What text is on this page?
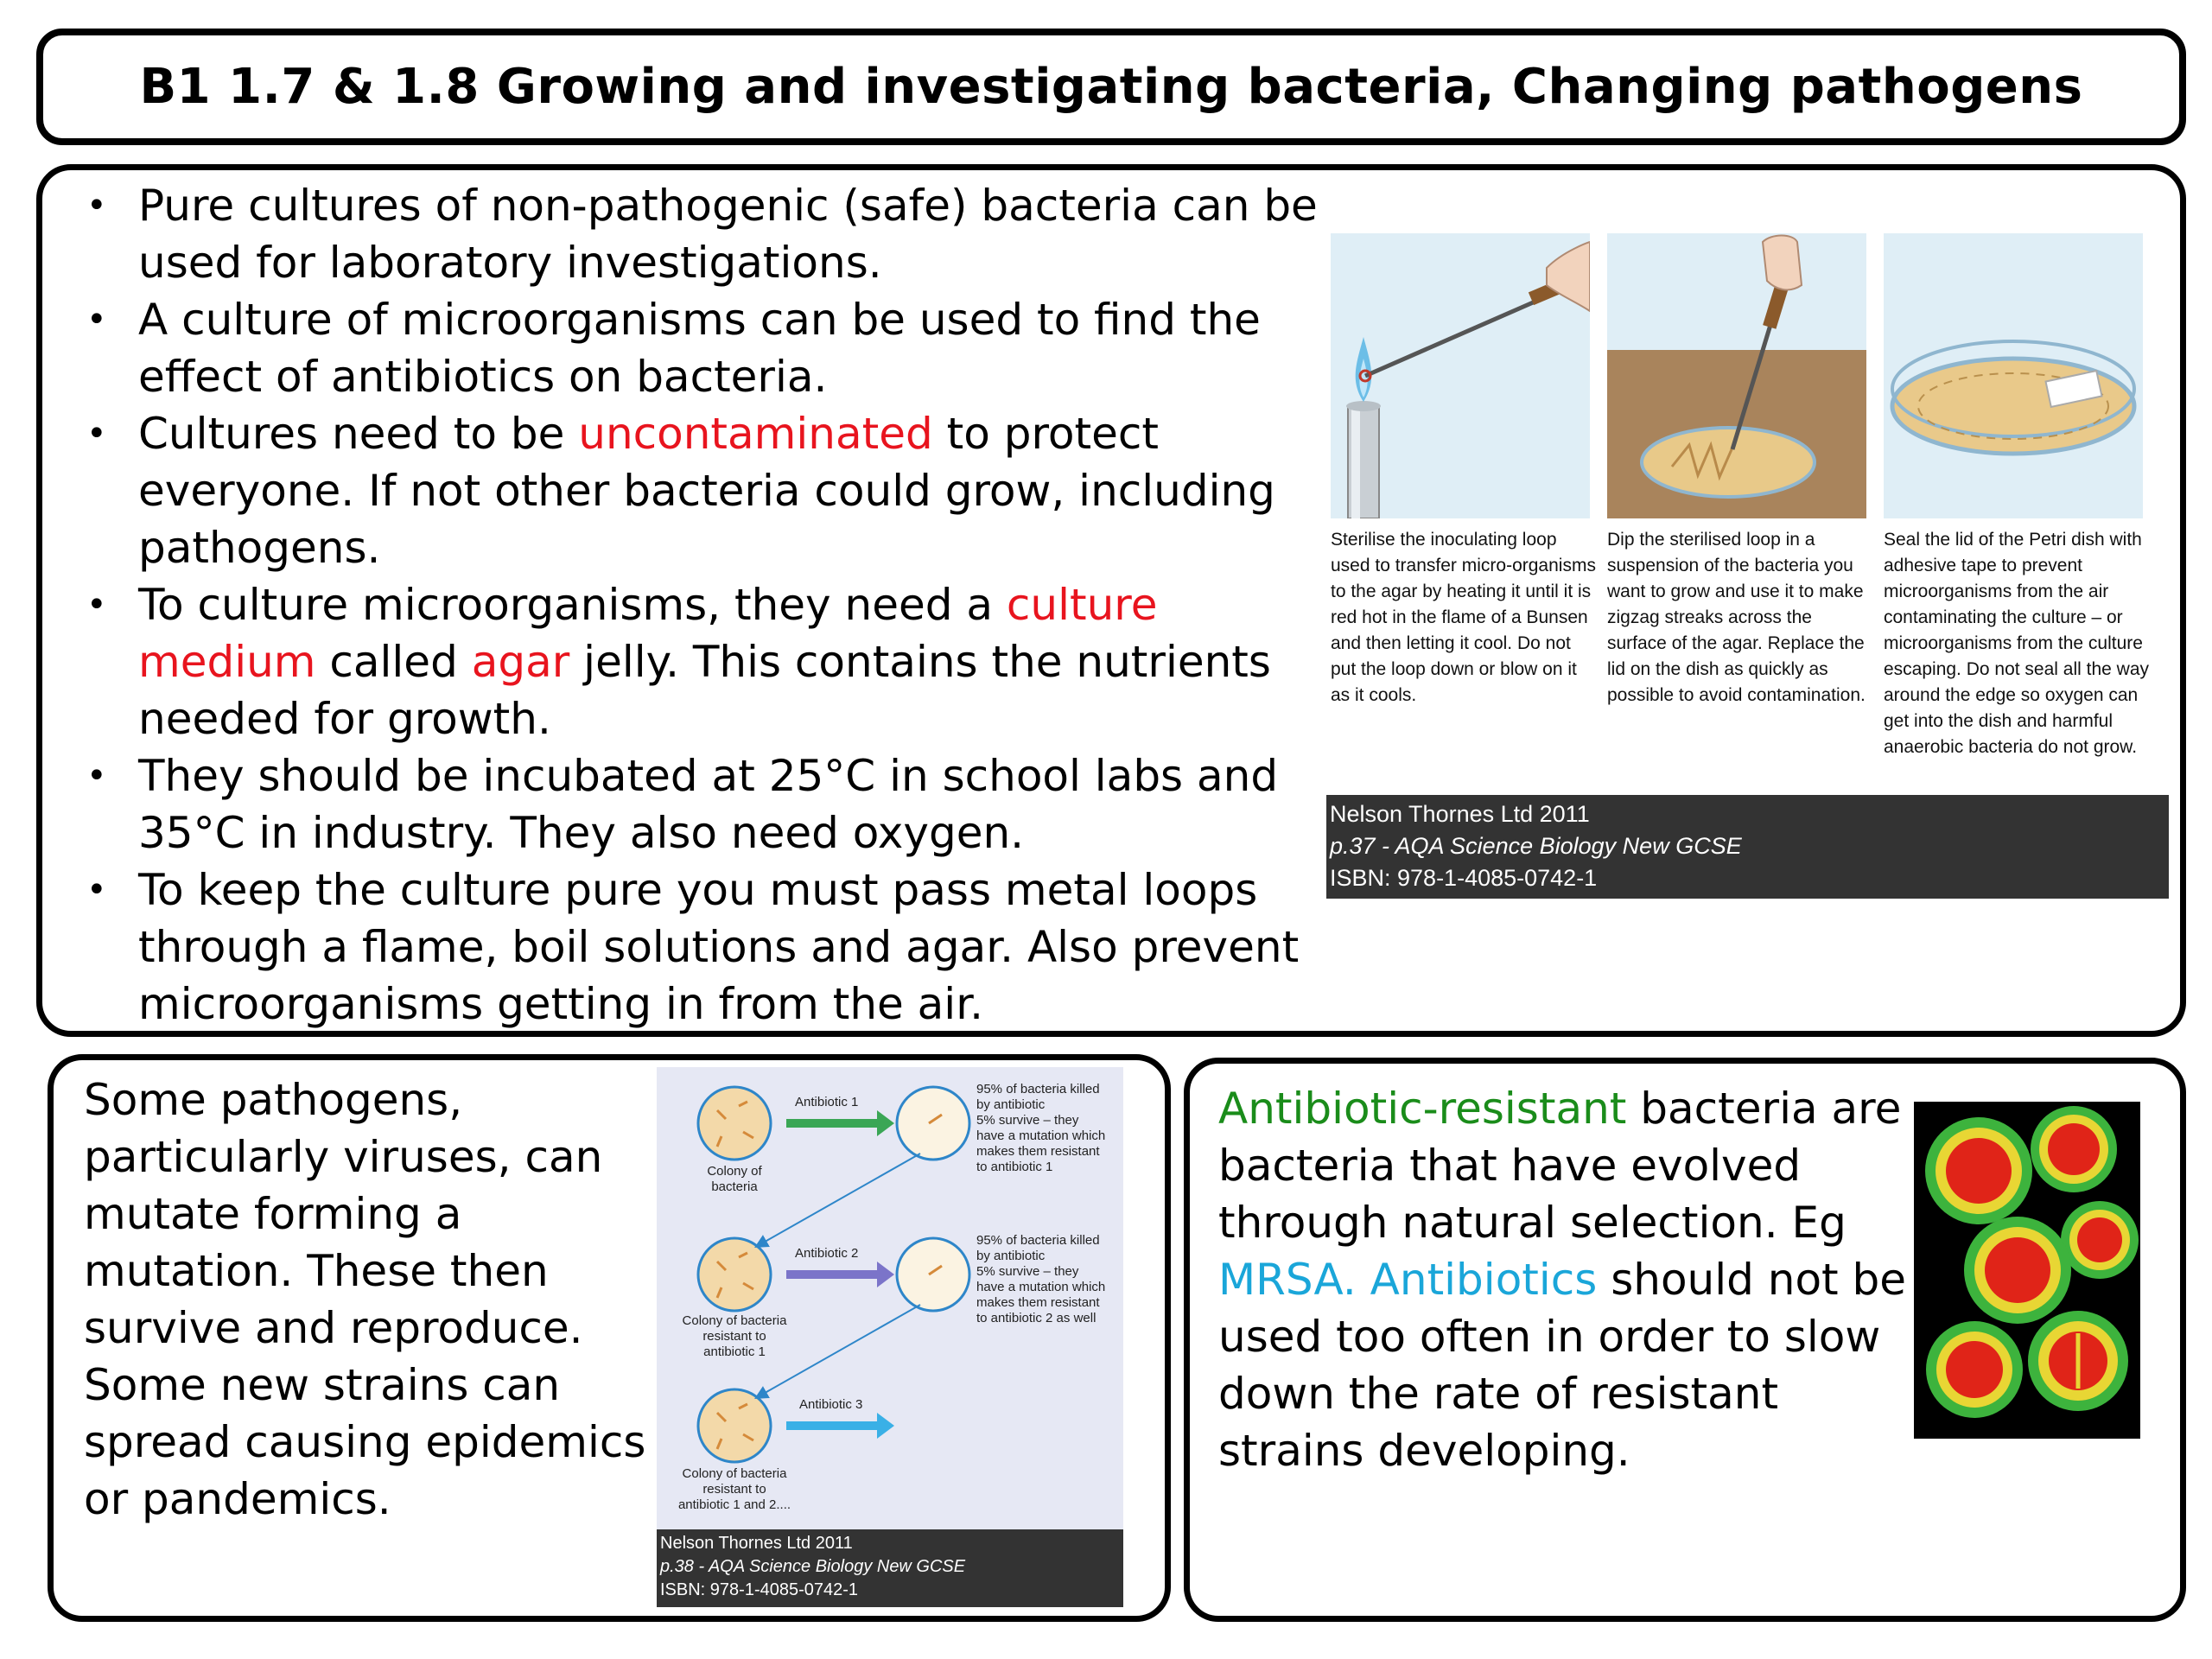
B1 1.7 & 1.8 Growing and investigating bacteria, Changing pathogens
• Pure cultures of non-pathogenic (safe) bacteria can be used for laboratory investigations.
• A culture of microorganisms can be used to find the effect of antibiotics on bacteria.
• Cultures need to be uncontaminated to protect everyone. If not other bacteria could grow, including pathogens.
• To culture microorganisms, they need a culture medium called agar jelly. This contains the nutrients needed for growth.
• They should be incubated at 25°C in school labs and 35°C in industry. They also need oxygen.
• To keep the culture pure you must pass metal loops through a flame, boil solutions and agar. Also prevent microorganisms getting in from the air.
Sterilise the inoculating loop used to transfer micro-organisms to the agar by heating it until it is red hot in the flame of a Bunsen and then letting it cool. Do not put the loop down or blow on it as it cools.
Dip the sterilised loop in a suspension of the bacteria you want to grow and use it to make zigzag streaks across the surface of the agar. Replace the lid on the dish as quickly as possible to avoid contamination.
Seal the lid of the Petri dish with adhesive tape to prevent microorganisms from the air contaminating the culture – or microorganisms from the culture escaping. Do not seal all the way around the edge so oxygen can get into the dish and harmful anaerobic bacteria do not grow.
Nelson Thornes Ltd 2011
p.37 - AQA Science Biology New GCSE
ISBN: 978-1-4085-0742-1
Some pathogens, particularly viruses, can mutate forming a mutation. These then survive and reproduce. Some new strains can spread causing epidemics or pandemics.
Antibiotic 1
Antibiotic 2
Antibiotic 3
Colony of
bacteria
Colony of bacteria
resistant to
antibiotic 1
Colony of bacteria
resistant to
antibiotic 1 and 2....
95% of bacteria killed
by antibiotic
5% survive – they
have a mutation which
makes them resistant
to antibiotic 1
95% of bacteria killed
by antibiotic
5% survive – they
have a mutation which
makes them resistant
to antibiotic 2 as well
Nelson Thornes Ltd 2011
p.38 - AQA Science Biology New GCSE
ISBN: 978-1-4085-0742-1
Antibiotic-resistant bacteria are bacteria that have evolved through natural selection. Eg MRSA. Antibiotics should not be used too often in order to slow down the rate of resistant strains developing.
